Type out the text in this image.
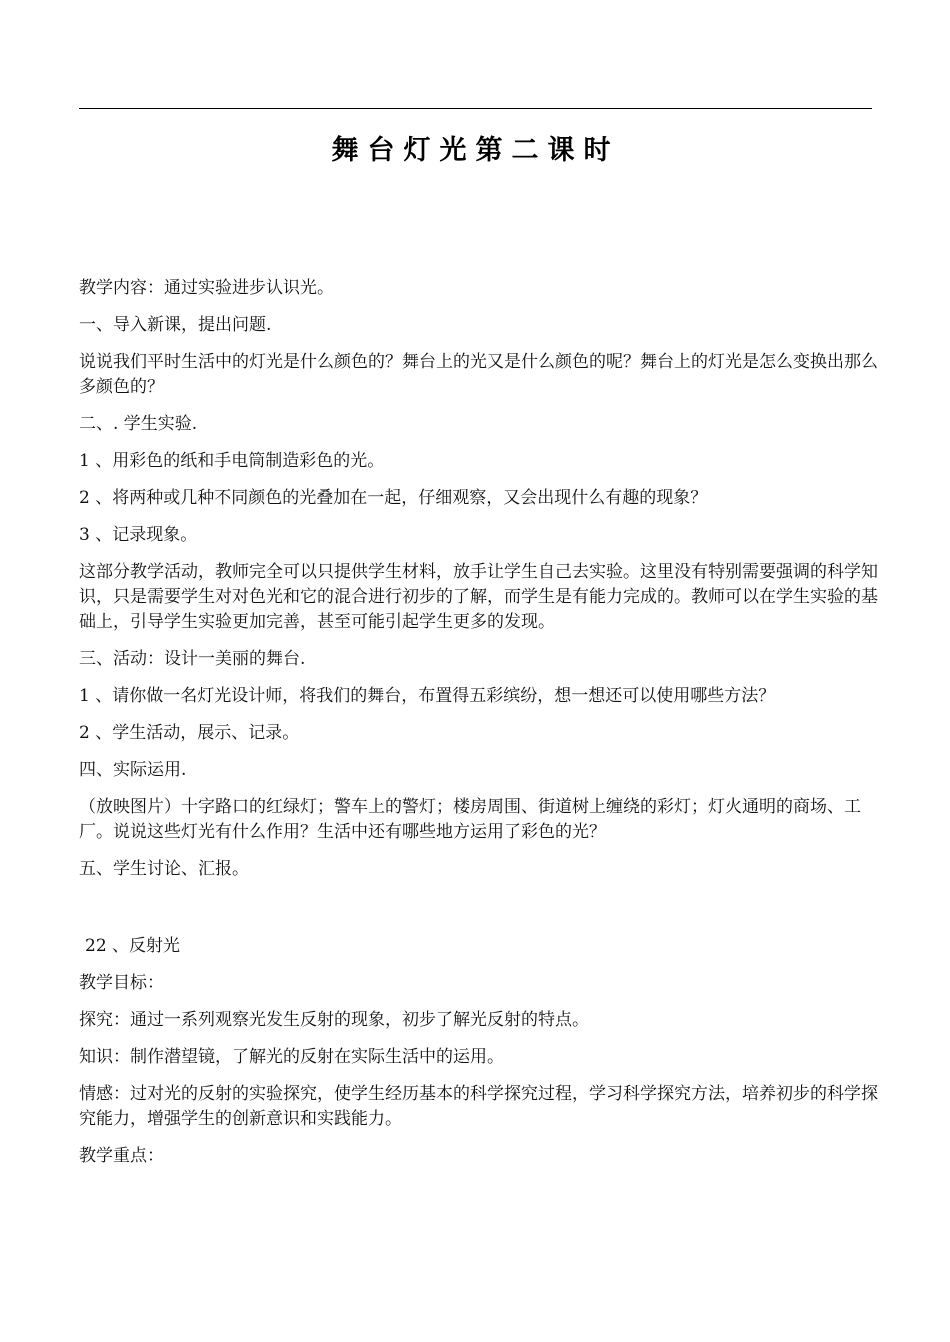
舞台灯光第二课时

教学内容：通过实验进步认识光。

一、导入新课，提出问题.

说说我们平时生活中的灯光是什么颜色的？舞台上的光又是什么颜色的呢？舞台上的灯光是怎么变换出那么多颜色的？

二、. 学生实验.

1 、用彩色的纸和手电筒制造彩色的光。

2 、将两种或几种不同颜色的光叠加在一起，仔细观察，又会出现什么有趣的现象？

3 、记录现象。

这部分教学活动，教师完全可以只提供学生材料，放手让学生自己去实验。这里没有特别需要强调的科学知识，只是需要学生对对色光和它的混合进行初步的了解，而学生是有能力完成的。教师可以在学生实验的基础上，引导学生实验更加完善，甚至可能引起学生更多的发现。

三、活动：设计一美丽的舞台.

1 、请你做一名灯光设计师，将我们的舞台，布置得五彩缤纷，想一想还可以使用哪些方法？

2 、学生活动，展示、记录。

四、实际运用.

（放映图片）十字路口的红绿灯；警车上的警灯；楼房周围、街道树上缠绕的彩灯；灯火通明的商场、工厂。说说这些灯光有什么作用？生活中还有哪些地方运用了彩色的光？

五、学生讨论、汇报。

22 、反射光

教学目标：

探究：通过一系列观察光发生反射的现象，初步了解光反射的特点。

知识：制作潜望镜，了解光的反射在实际生活中的运用。

情感：过对光的反射的实验探究，使学生经历基本的科学探究过程，学习科学探究方法，培养初步的科学探究能力，增强学生的创新意识和实践能力。

教学重点：
